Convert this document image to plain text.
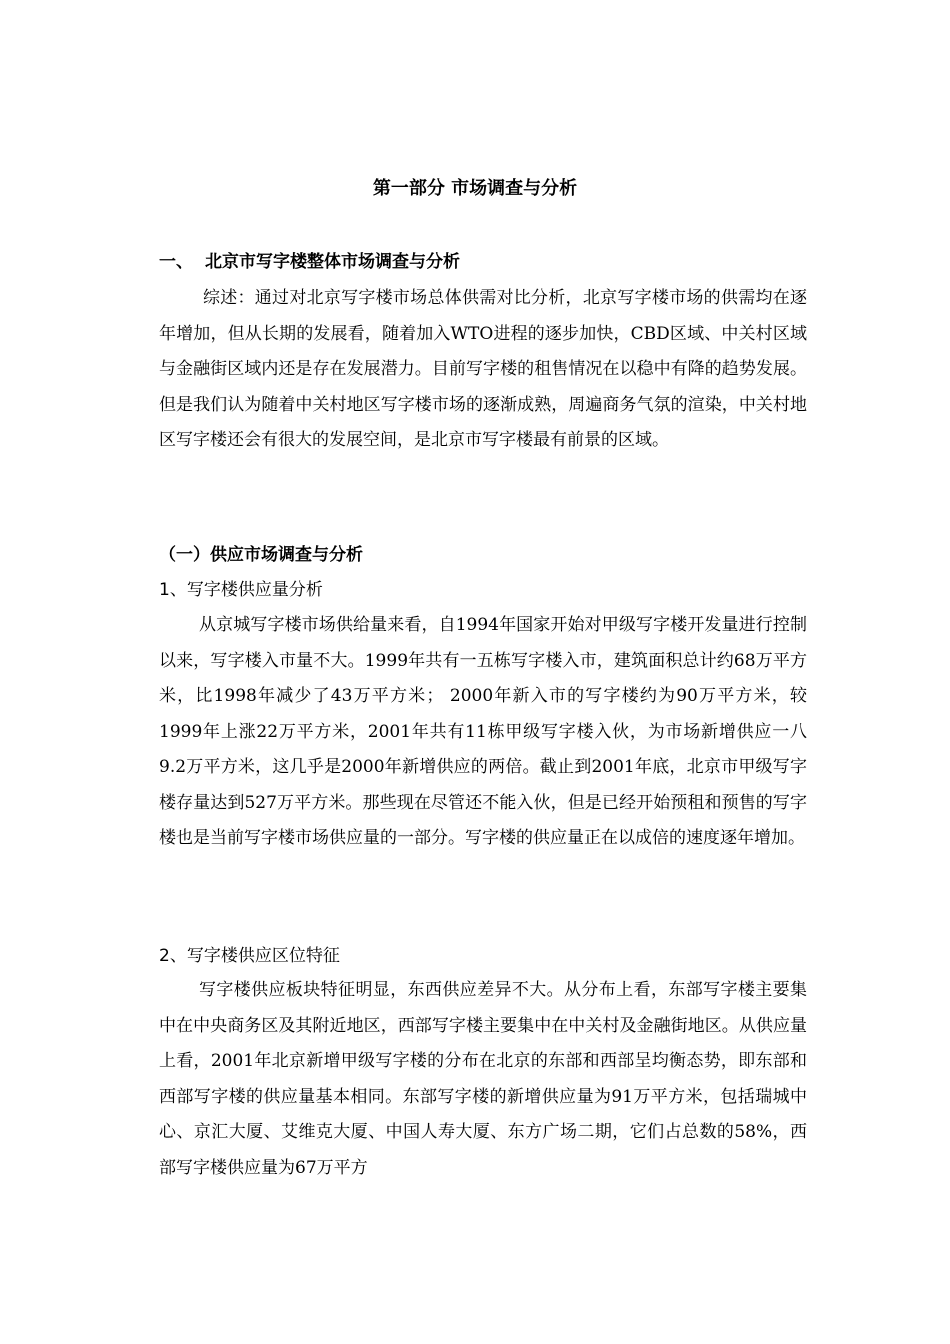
第一部分 市场调查与分析
一、 北京市写字楼整体市场调查与分析

综述：通过对北京写字楼市场总体供需对比分析，北京写字楼市场的供需均在逐年增加，但从长期的发展看，随着加入WTO进程的逐步加快，CBD区域、中关村区域与金融街区域内还是存在发展潜力。目前写字楼的租售情况在以稳中有降的趋势发展。但是我们认为随着中关村地区写字楼市场的逐渐成熟，周遍商务气氛的渲染，中关村地区写字楼还会有很大的发展空间，是北京市写字楼最有前景的区域。

（一）供应市场调查与分析
1、写字楼供应量分析

从京城写字楼市场供给量来看，自1994年国家开始对甲级写字楼开发量进行控制以来，写字楼入市量不大。1999年共有一五栋写字楼入市，建筑面积总计约68万平方米，比1998年减少了43万平方米； 2000年新入市的写字楼约为90万平方米，较1999年上涨22万平方米，2001年共有11栋甲级写字楼入伙，为市场新增供应一八9.2万平方米，这几乎是2000年新增供应的两倍。截止到2001年底，北京市甲级写字楼存量达到527万平方米。那些现在尽管还不能入伙，但是已经开始预租和预售的写字楼也是当前写字楼市场供应量的一部分。写字楼的供应量正在以成倍的速度逐年增加。

2、写字楼供应区位特征

写字楼供应板块特征明显，东西供应差异不大。从分布上看，东部写字楼主要集中在中央商务区及其附近地区，西部写字楼主要集中在中关村及金融街地区。从供应量上看，2001年北京新增甲级写字楼的分布在北京的东部和西部呈均衡态势，即东部和西部写字楼的供应量基本相同。东部写字楼的新增供应量为91万平方米，包括瑞城中心、京汇大厦、艾维克大厦、中国人寿大厦、东方广场二期，它们占总数的58%，西部写字楼供应量为67万平方
